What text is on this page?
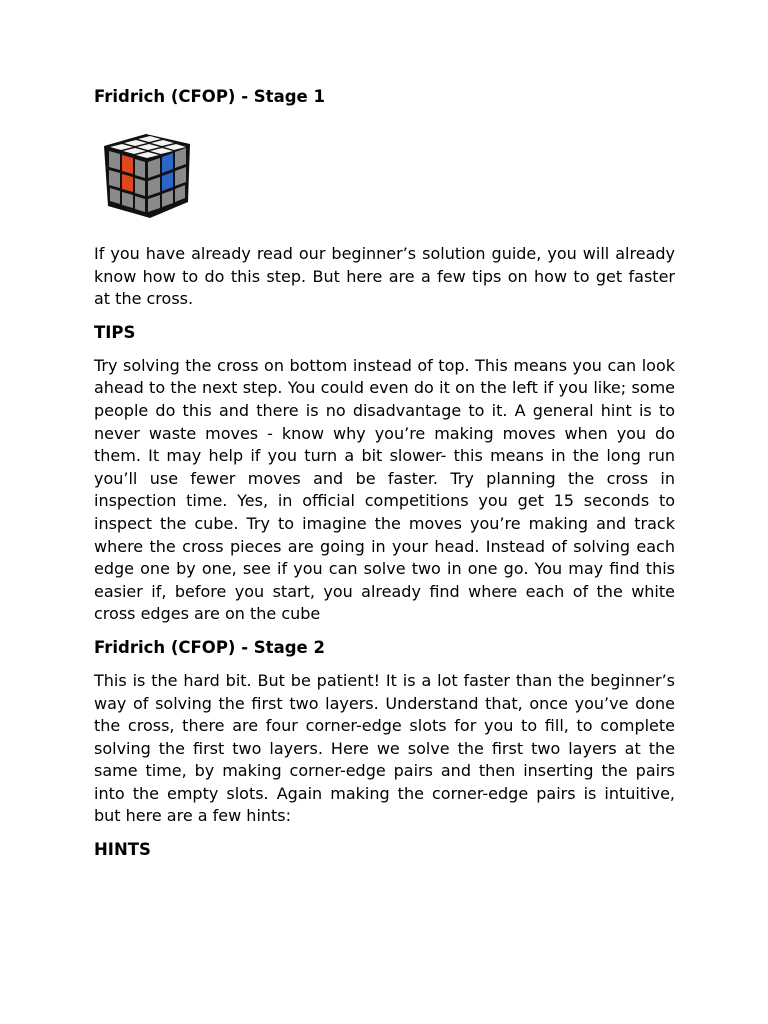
Fridrich (CFOP) - Stage 1

If you have already read our beginner’s solution guide, you will already know how to do this step. But here are a few tips on how to get faster at the cross.

TIPS

Try solving the cross on bottom instead of top. This means you can look ahead to the next step. You could even do it on the left if you like; some people do this and there is no disadvantage to it. A general hint is to never waste moves - know why you’re making moves when you do them. It may help if you turn a bit slower- this means in the long run you’ll use fewer moves and be faster. Try planning the cross in inspection time. Yes, in official competitions you get 15 seconds to inspect the cube. Try to imagine the moves you’re making and track where the cross pieces are going in your head. Instead of solving each edge one by one, see if you can solve two in one go. You may find this easier if, before you start, you already find where each of the white cross edges are on the cube

Fridrich (CFOP) - Stage 2

This is the hard bit. But be patient! It is a lot faster than the beginner’s way of solving the first two layers. Understand that, once you’ve done the cross, there are four corner-edge slots for you to fill, to complete solving the first two layers. Here we solve the first two layers at the same time, by making corner-edge pairs and then inserting the pairs into the empty slots. Again making the corner-edge pairs is intuitive, but here are a few hints:

HINTS
